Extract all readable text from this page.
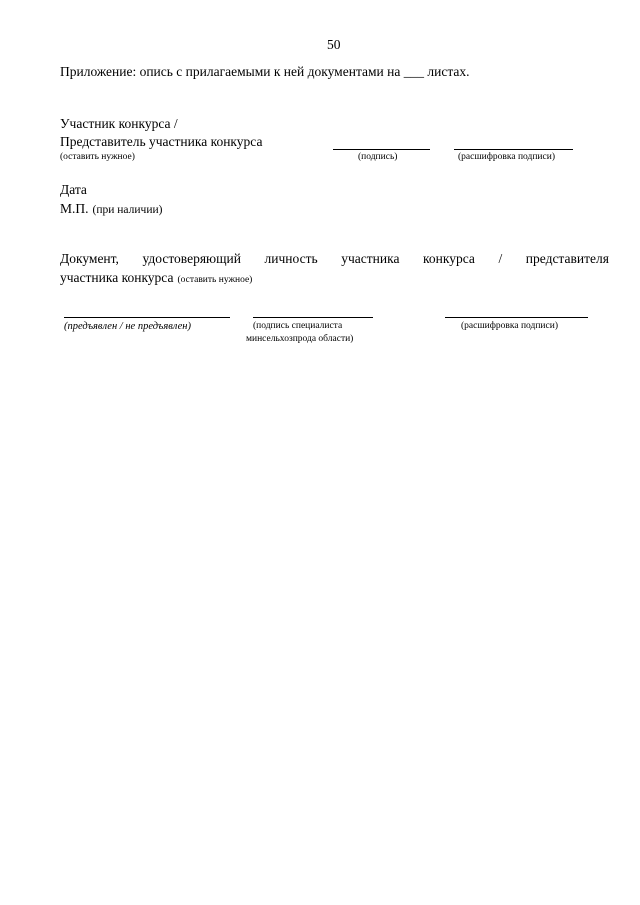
50
Приложение: опись с прилагаемыми к ней документами на ___ листах.
Участник конкурса /
Представитель участника конкурса
(оставить нужное)	(подпись)	(расшифровка подписи)
Дата
М.П. (при наличии)
Документ, удостоверяющий личность участника конкурса / представителя
участника конкурса (оставить нужное)
(предъявлен / не предъявлен)	(подпись специалиста
минсельхозпрода области)
(расшифровка подписи)
